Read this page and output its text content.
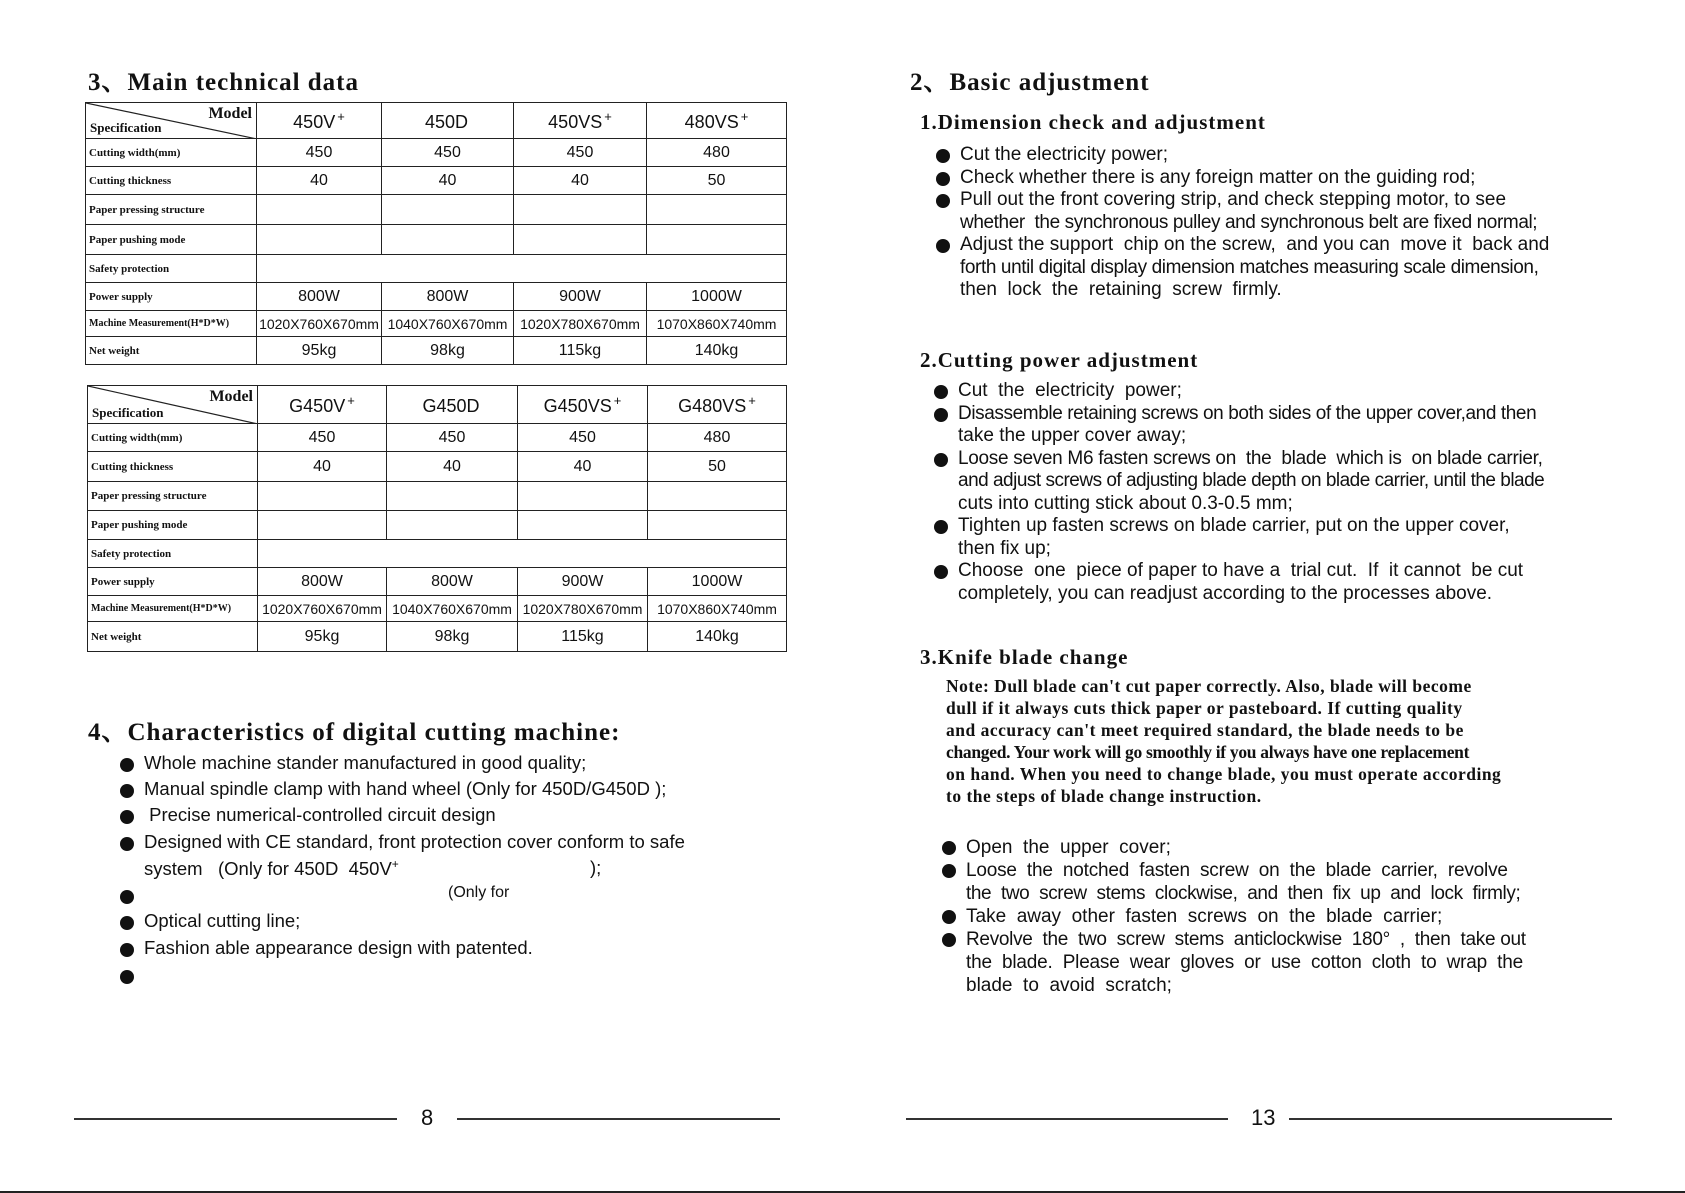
3、Main technical data
Model
Specification	450V +	450D	450VS +	480VS +
Cutting width(mm)	450	450	450	480
Cutting thickness	40	40	40	50
Paper pressing structure				
Paper pushing mode				
Safety protection				
Power supply	800W	800W	900W	1000W
Machine Measurement(H*D*W)	1020X760X670mm	1040X760X670mm	1020X780X670mm	1070X860X740mm
Net weight	95kg	98kg	115kg	140kg
Model
Specification	G450V +	G450D	G450VS +	G480VS +
Cutting width(mm)	450	450	450	480
Cutting thickness	40	40	40	50
Paper pressing structure				
Paper pushing mode				
Safety protection				
Power supply	800W	800W	900W	1000W
Machine Measurement(H*D*W)	1020X760X670mm	1040X760X670mm	1020X780X670mm	1070X860X740mm
Net weight	95kg	98kg	115kg	140kg
4、Characteristics of digital cutting machine:
Whole machine stander manufactured in good quality;
Manual spindle clamp with hand wheel (Only for 450D/G450D );

Precise numerical-controlled circuit design

Designed with CE standard, front protection cover conform to safe
system   (Only for 450D  450V+	);
(Only for
Optical cutting line;
Fashion able appearance design with patented.
8
2、Basic adjustment
1.Dimension check and adjustment
Cut the electricity power;
Check whether there is any foreign matter on the guiding rod;
Pull out the front covering strip, and check stepping motor, to see
whether  the synchronous pulley and synchronous belt are fixed normal;
Adjust the support  chip on the screw,  and you can  move it  back and
forth until digital display dimension matches measuring scale dimension,
then  lock  the  retaining  screw  firmly.
2.Cutting power adjustment
Cut  the  electricity  power;
Disassemble retaining screws on both sides of the upper cover,and then
take the upper cover away;
Loose seven M6 fasten screws on  the  blade  which is  on blade carrier,
and adjust screws of adjusting blade depth on blade carrier, until the blade
cuts into cutting stick about 0.3-0.5 mm;
Tighten up fasten screws on blade carrier, put on the upper cover,
then fix up;
Choose  one  piece of paper to have a  trial cut.  If  it cannot  be cut
completely, you can readjust according to the processes above.
3.Knife blade change
Note: Dull blade can't cut paper correctly. Also, blade will become
dull if it always cuts thick paper or pasteboard. If cutting quality
and accuracy can't meet required standard, the blade needs to be
changed. Your work will go smoothly if you always have one replacement
on hand. When you need to change blade, you must operate according
to the steps of blade change instruction.
Open  the  upper  cover;
Loose  the  notched  fasten  screw  on  the  blade  carrier,  revolve
the  two  screw  stems  clockwise,  and  then  fix  up  and  lock  firmly;
Take  away  other  fasten  screws  on  the  blade  carrier;
Revolve  the  two  screw  stems  anticlockwise  180°  ,  then  take out
the  blade.  Please  wear  gloves  or  use  cotton  cloth  to  wrap  the
blade  to  avoid  scratch;
13
